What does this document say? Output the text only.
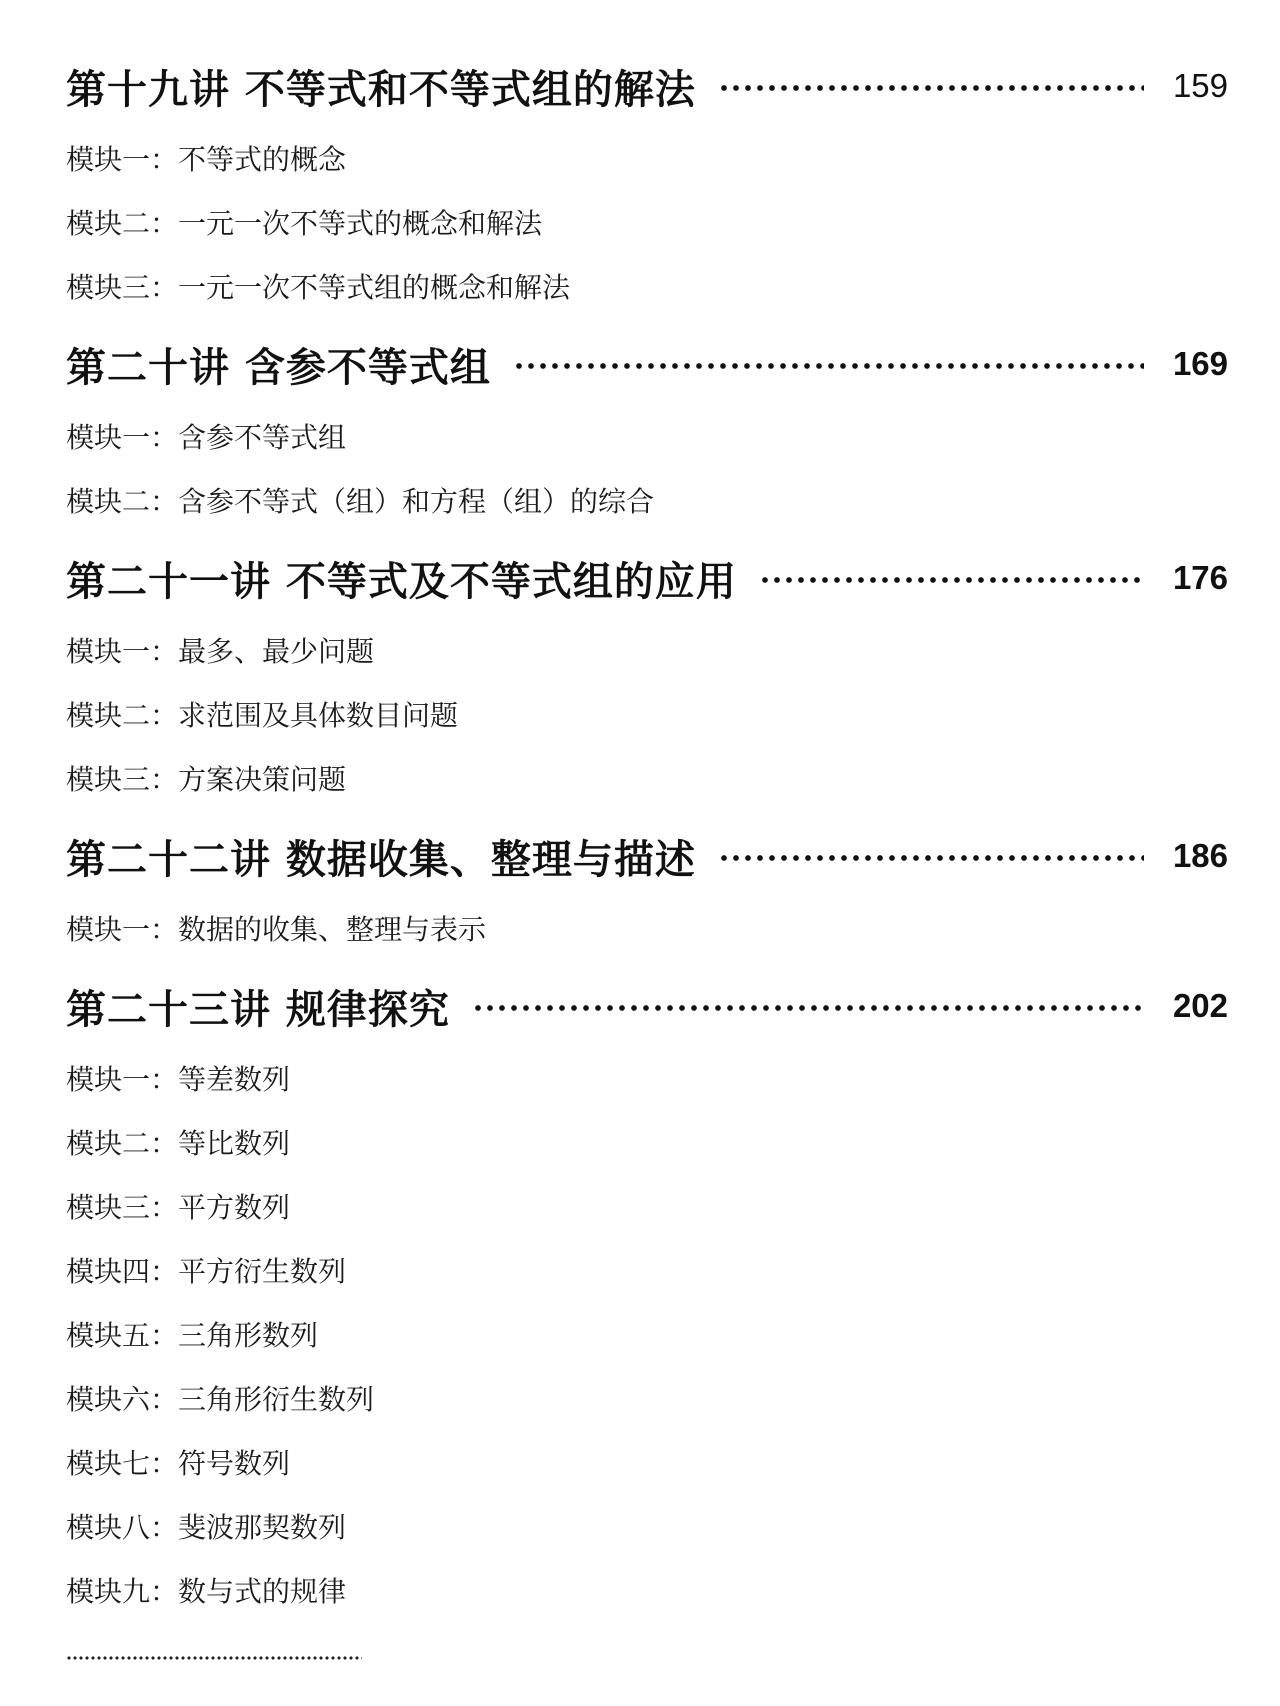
第十九讲 不等式和不等式组的解法	159
模块一：不等式的概念
模块二：一元一次不等式的概念和解法
模块三：一元一次不等式组的概念和解法
第二十讲 含参不等式组	169
模块一：含参不等式组
模块二：含参不等式（组）和方程（组）的综合
第二十一讲 不等式及不等式组的应用	176
模块一：最多、最少问题
模块二：求范围及具体数目问题
模块三：方案决策问题
第二十二讲 数据收集、整理与描述	186
模块一：数据的收集、整理与表示
第二十三讲 规律探究	202
模块一：等差数列
模块二：等比数列
模块三：平方数列
模块四：平方衍生数列
模块五：三角形数列
模块六：三角形衍生数列
模块七：符号数列
模块八：斐波那契数列
模块九：数与式的规律
